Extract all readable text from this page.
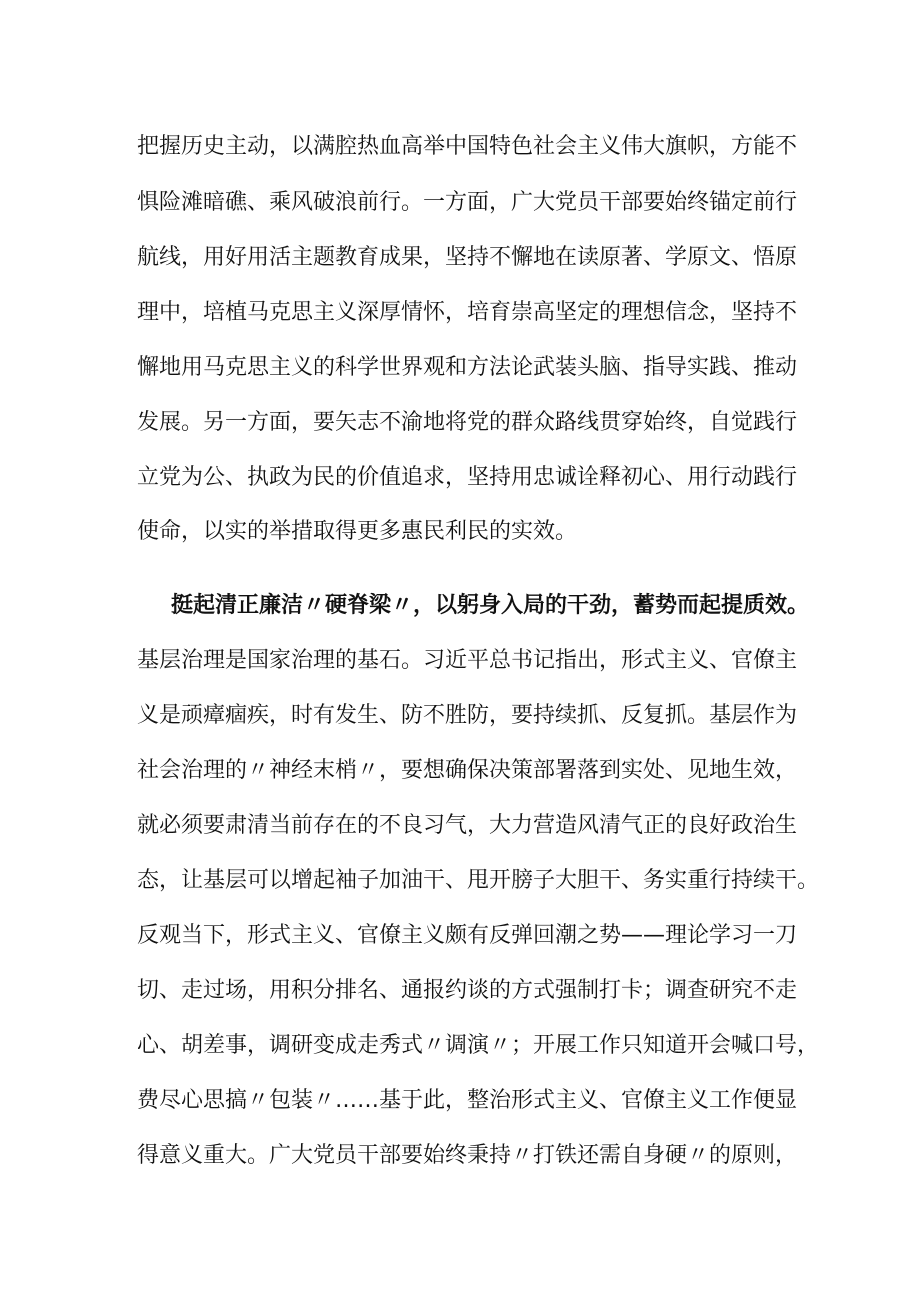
把握历史主动，以满腔热血高举中国特色社会主义伟大旗帜，方能不
惧险滩暗礁、乘风破浪前行。一方面，广大党员干部要始终锚定前行
航线，用好用活主题教育成果，坚持不懈地在读原著、学原文、悟原
理中，培植马克思主义深厚情怀，培育崇高坚定的理想信念，坚持不
懈地用马克思主义的科学世界观和方法论武装头脑、指导实践、推动
发展。另一方面，要矢志不渝地将党的群众路线贯穿始终，自觉践行
立党为公、执政为民的价值追求，坚持用忠诚诠释初心、用行动践行
使命，以实的举措取得更多惠民利民的实效。
挺起清正廉洁〃硬脊梁〃，以躬身入局的干劲，蓄势而起提质效。
基层治理是国家治理的基石。习近平总书记指出，形式主义、官僚主
义是顽瘴痼疾，时有发生、防不胜防，要持续抓、反复抓。基层作为
社会治理的〃神经末梢〃，要想确保决策部署落到实处、见地生效，
就必须要肃清当前存在的不良习气，大力营造风清气正的良好政治生
态，让基层可以增起袖子加油干、甩开膀子大胆干、务实重行持续干。
反观当下，形式主义、官僚主义颇有反弹回潮之势——理论学习一刀
切、走过场，用积分排名、通报约谈的方式强制打卡；调查研究不走
心、胡差事，调研变成走秀式〃调演〃；开展工作只知道开会喊口号，
费尽心思搞〃包装〃……基于此，整治形式主义、官僚主义工作便显
得意义重大。广大党员干部要始终秉持〃打铁还需自身硬〃的原则，
